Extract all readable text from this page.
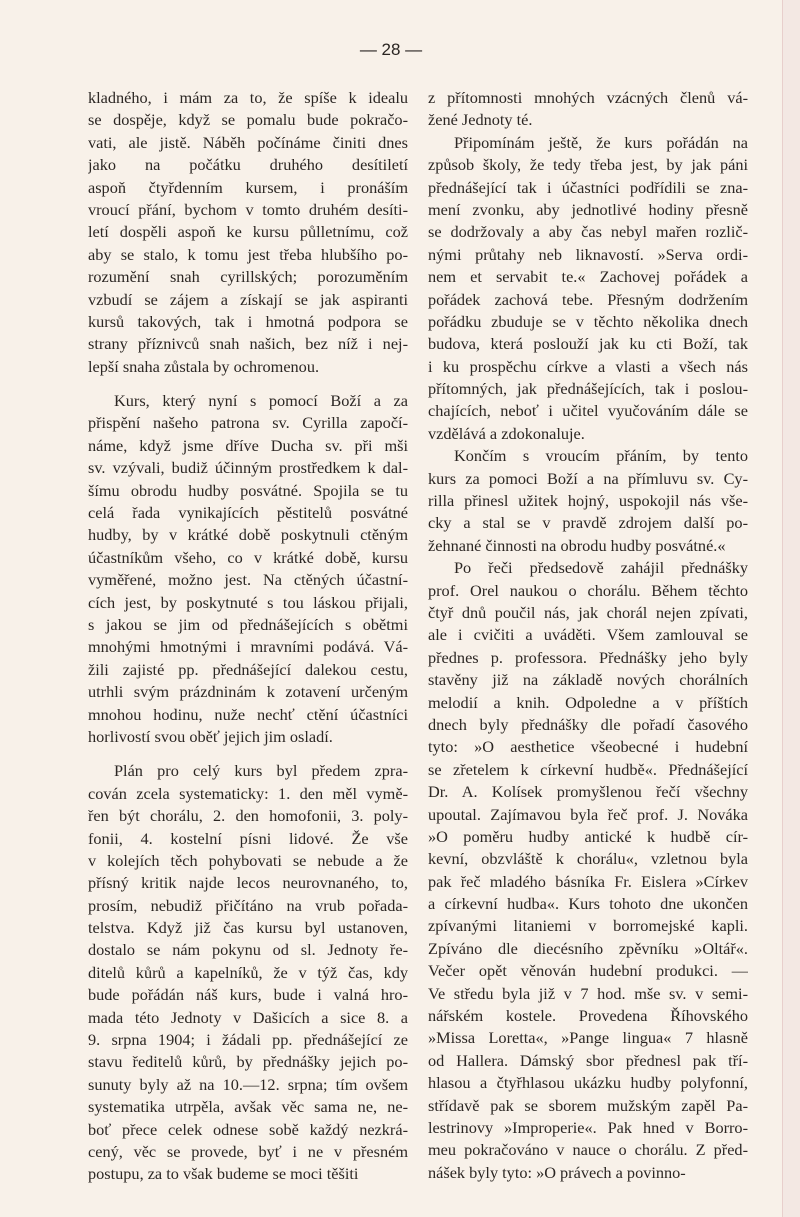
— 28 —
kladného, i mám za to, že spíše k idealu
se dospěje, když se pomalu bude pokračo-
vati, ale jistě. Náběh počínáme činiti dnes
jako na počátku druhého desítiletí
aspoň čtyřdenním kursem, i pronáším
vroucí přání, bychom v tomto druhém desíti-
letí dospěli aspoň ke kursu půlletnímu, což
aby se stalo, k tomu jest třeba hlubšího po-
rozumění snah cyrillských; porozuměním
vzbudí se zájem a získají se jak aspiranti
kursů takových, tak i hmotná podpora se
strany příznivců snah našich, bez níž i nej-
lepší snaha zůstala by ochromenou.
Kurs, který nyní s pomocí Boží a za
přispění našeho patrona sv. Cyrilla započí-
náme, když jsme dříve Ducha sv. při mši
sv. vzývali, budiž účinným prostředkem k dal-
šímu obrodu hudby posvátné. Spojila se tu
celá řada vynikajících pěstitelů posvátné
hudby, by v krátké době poskytnuli ctěným
účastníkům všeho, co v krátké době, kursu
vyměřené, možno jest. Na ctěných účastní-
cích jest, by poskytnuté s tou láskou přijali,
s jakou se jim od přednášejících s obětmi
mnohými hmotnými i mravními podává. Vá-
žili zajisté pp. přednášející dalekou cestu,
utrhli svým prázdninám k zotavení určeným
mnohou hodinu, nuže nechť ctění účastníci
horlivostí svou oběť jejich jim osladí.
Plán pro celý kurs byl předem zpra-
cován zcela systematicky: 1. den měl vymě-
řen být chorálu, 2. den homofonii, 3. poly-
fonii, 4. kostelní písni lidové. Že vše
v kolejích těch pohybovati se nebude a že
přísný kritik najde lecos neurovnaného, to,
prosím, nebudiž přičítáno na vrub pořada-
telstva. Když již čas kursu byl ustanoven,
dostalo se nám pokynu od sl. Jednoty ře-
ditelů kůrů a kapelníků, že v týž čas, kdy
bude pořádán náš kurs, bude i valná hro-
mada této Jednoty v Dašicích a sice 8. a
9. srpna 1904; i žádali pp. přednášející ze
stavu ředitelů kůrů, by přednášky jejich po-
sunuty byly až na 10.—12. srpna; tím ovšem
systematika utrpěla, avšak věc sama ne, ne-
boť přece celek odnese sobě každý nezkrá-
cený, věc se provede, byť i ne v přesném
postupu, za to však budeme se moci těšiti
z přítomnosti mnohých vzácných členů vá-
žené Jednoty té.
Připomínám ještě, že kurs pořádán na
způsob školy, že tedy třeba jest, by jak páni
přednášející tak i účastníci podřídili se zna-
mení zvonku, aby jednotlivé hodiny přesně
se dodržovaly a aby čas nebyl mařen rozlič-
nými průtahy neb liknavostí. »Serva ordi-
nem et servabit te.« Zachovej pořádek a
pořádek zachová tebe. Přesným dodržením
pořádku zbuduje se v těchto několika dnech
budova, která poslouží jak ku cti Boží, tak
i ku prospěchu církve a vlasti a všech nás
přítomných, jak přednášejících, tak i poslou-
chajících, neboť i učitel vyučováním dále se
vzdělává a zdokonaluje.
Končím s vroucím přáním, by tento
kurs za pomoci Boží a na přímluvu sv. Cy-
rilla přinesl užitek hojný, uspokojil nás vše-
cky a stal se v pravdě zdrojem další po-
žehnané činnosti na obrodu hudby posvátné.«
Po řeči předsedově zahájil přednášky
prof. Orel naukou o chorálu. Během těchto
čtyř dnů poučil nás, jak chorál nejen zpívati,
ale i cvičiti a uváděti. Všem zamlouval se
přednes p. professora. Přednášky jeho byly
stavěny již na základě nových chorálních
melodií a knih. Odpoledne a v příštích
dnech byly přednášky dle pořadí časového
tyto: »O aesthetice všeobecné i hudební
se zřetelem k církevní hudbě«. Přednášející
Dr. A. Kolísek promyšlenou řečí všechny
upoutal. Zajímavou byla řeč prof. J. Nováka
»O poměru hudby antické k hudbě cír-
kevní, obzvláště k chorálu«, vzletnou byla
pak řeč mladého básníka Fr. Eislera »Církev
a církevní hudba«. Kurs tohoto dne ukončen
zpívanými litaniemi v borromejské kapli.
Zpíváno dle diecésního zpěvníku »Oltář«.
Večer opět věnován hudební produkci. —
Ve středu byla již v 7 hod. mše sv. v semi-
nářském kostele. Provedena Říhovského
»Missa Loretta«, »Pange lingua« 7 hlasně
od Hallera. Dámský sbor přednesl pak tří-
hlasou a čtyřhlasou ukázku hudby polyfonní,
střídavě pak se sborem mužským zapěl Pa-
lestrinovy »Improperie«. Pak hned v Borro-
meu pokračováno v nauce o chorálu. Z před-
nášek byly tyto: »O právech a povinno-
